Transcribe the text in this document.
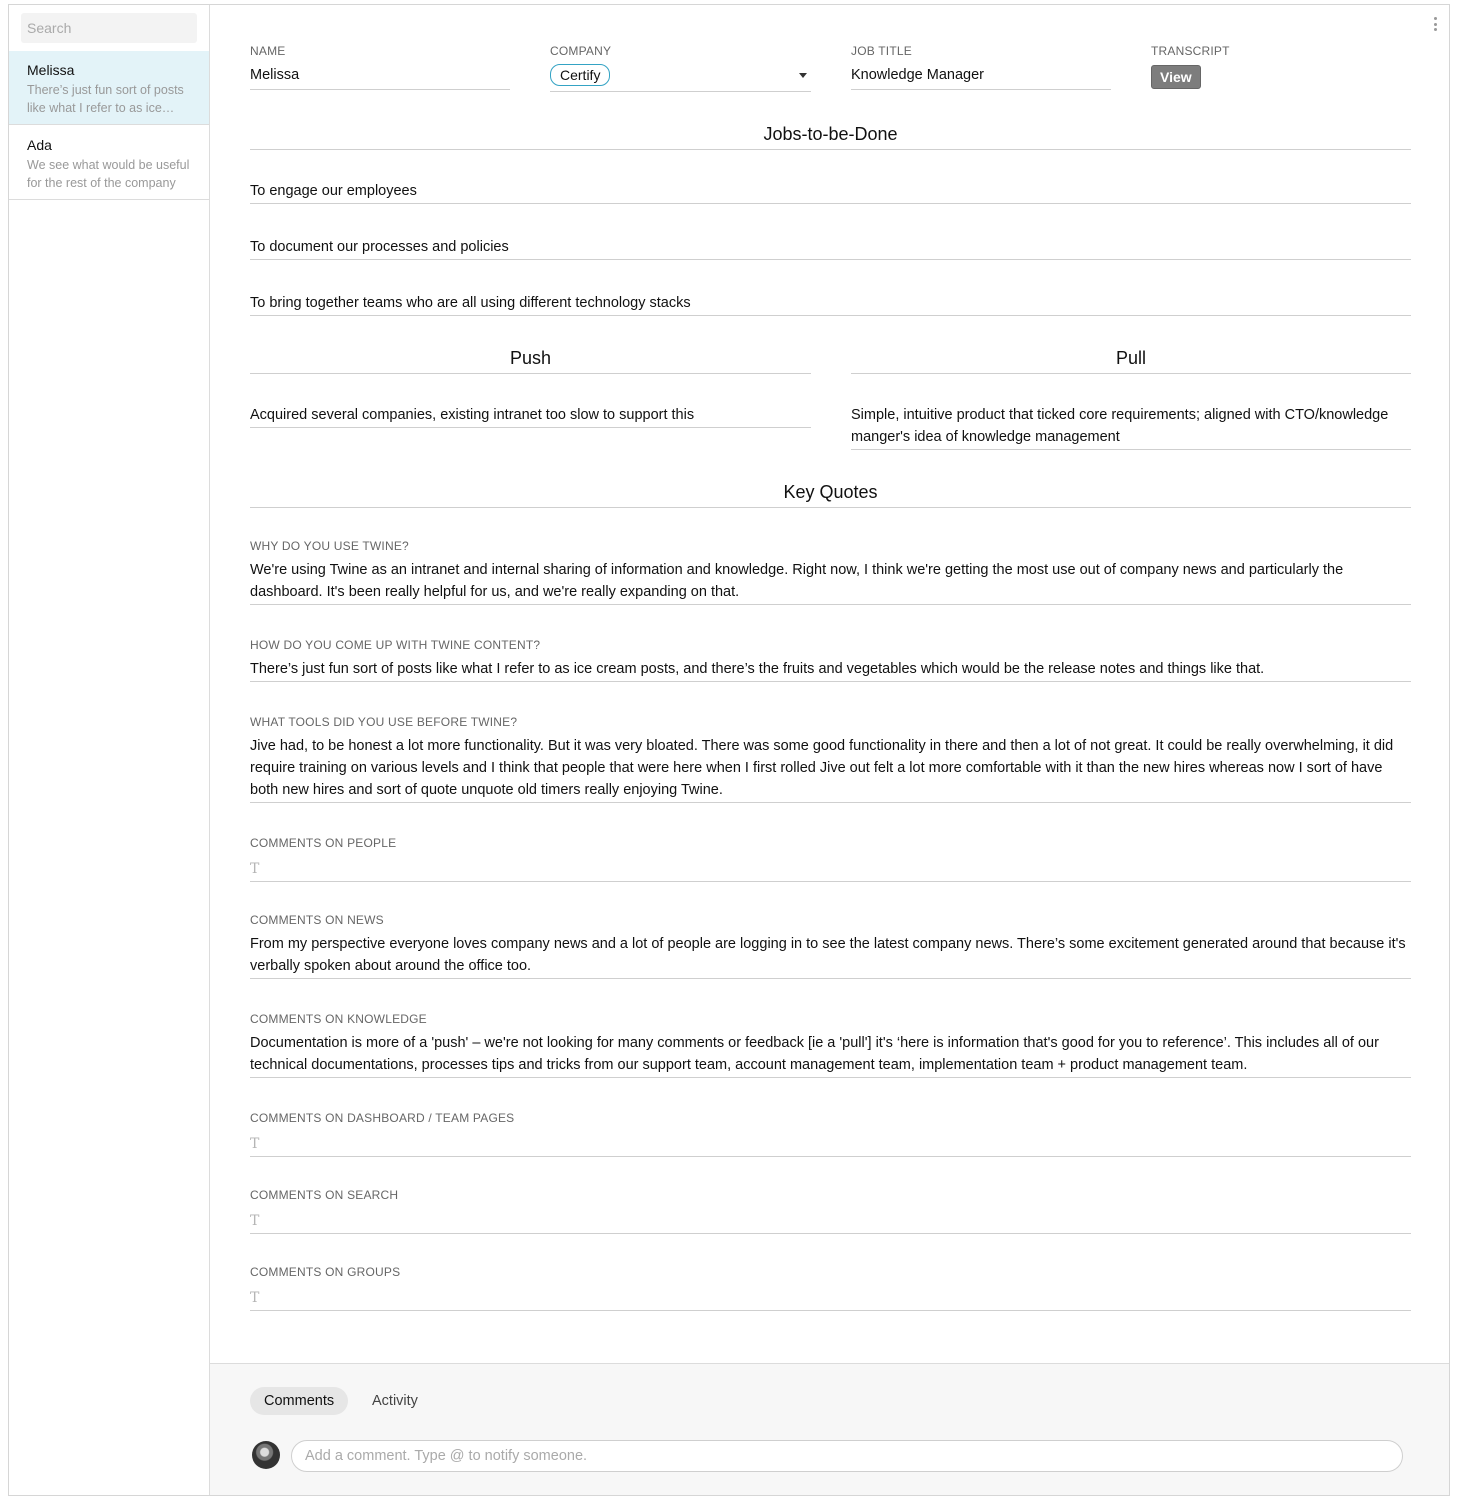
Search
Melissa
There’s just fun sort of posts like what I refer to as ice
Ada
We see what would be useful for the rest of the company
NAME
Melissa
COMPANY
Certify
JOB TITLE
Knowledge Manager
TRANSCRIPT
View
Jobs-to-be-Done
To engage our employees
To document our processes and policies
To bring together teams who are all using different technology stacks
Push
Acquired several companies, existing intranet too slow to support this
Pull
Simple, intuitive product that ticked core requirements; aligned with CTO/knowledge manger's idea of knowledge management
Key Quotes
WHY DO YOU USE TWINE?
We're using Twine as an intranet and internal sharing of information and knowledge. Right now, I think we're getting the most use out of company news and particularly the dashboard. It's been really helpful for us, and we're really expanding on that.
HOW DO YOU COME UP WITH TWINE CONTENT?
There’s just fun sort of posts like what I refer to as ice cream posts, and there’s the fruits and vegetables which would be the release notes and things like that.
WHAT TOOLS DID YOU USE BEFORE TWINE?
Jive had, to be honest a lot more functionality. But it was very bloated. There was some good functionality in there and then a lot of not great. It could be really overwhelming, it did require training on various levels and I think that people that were here when I first rolled Jive out felt a lot more comfortable with it than the new hires whereas now I sort of have both new hires and sort of quote unquote old timers really enjoying Twine.
COMMENTS ON PEOPLE
T
COMMENTS ON NEWS
From my perspective everyone loves company news and a lot of people are logging in to see the latest company news. There’s some excitement generated around that because it's verbally spoken about around the office too.
COMMENTS ON KNOWLEDGE
Documentation is more of a 'push' – we're not looking for many comments or feedback [ie a 'pull'] it's ‘here is information that's good for you to reference’. This includes all of our technical documentations, processes tips and tricks from our support team, account management team, implementation team + product management team.
COMMENTS ON DASHBOARD / TEAM PAGES
T
COMMENTS ON SEARCH
T
COMMENTS ON GROUPS
T
Comments	Activity
Add a comment. Type @ to notify someone.
